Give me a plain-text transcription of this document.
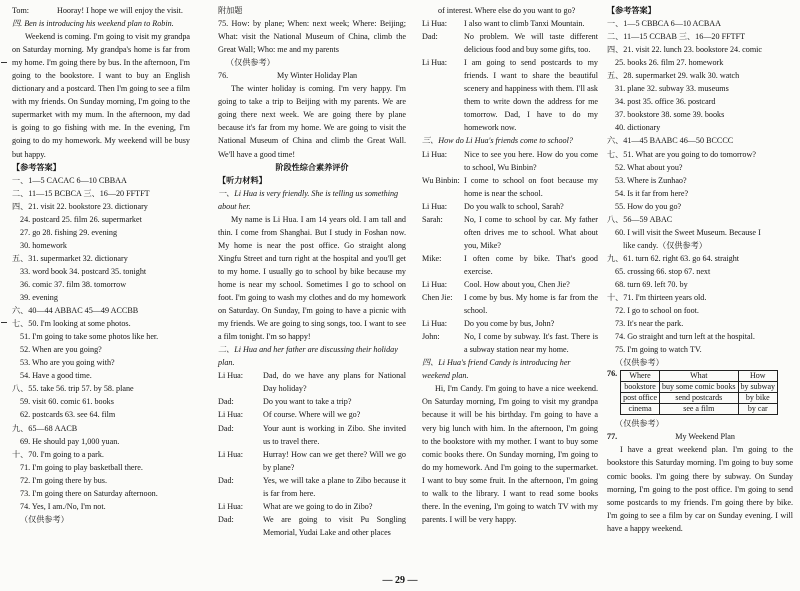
Tom:	Hooray! I hope we will enjoy the visit.

四. Ben is introducing his weekend plan to Robin.

Weekend is coming. I'm going to visit my grandpa on Saturday morning. My grandpa's home is far from my home. I'm going there by bus. In the afternoon, I'm going to the bookstore. I want to buy an English dictionary and a postcard. Then I'm going to see a film with my friends. On Sunday morning, I'm going to the supermarket with my mum. In the afternoon, my dad is going to go fishing with me. In the evening, I'm going to do my homework. My weekend will be busy but happy.

【参考答案】

一、1—5 CACAC 6—10 CBBAA

二、11—15 BCBCA 三、16—20 FFTFT

四、21. visit 22. bookstore 23. dictionary

24. postcard 25. film 26. supermarket

27. go 28. fishing 29. evening

30. homework

五、31. supermarket 32. dictionary

33. word book 34. postcard 35. tonight

36. comic 37. film 38. tomorrow

39. evening

六、40—44 ABBAC 45—49 ACCBB

七、50. I'm looking at some photos.

51. I'm going to take some photos like her.

52. When are you going?

53. Who are you going with?

54. Have a good time.

八、55. take 56. trip 57. by 58. plane

59. visit 60. comic 61. books

62. postcards 63. see 64. film

九、65—68 AACB

69. He should pay 1,000 yuan.

十、70. I'm going to a park.

71. I'm going to play basketball there.

72. I'm going there by bus.

73. I'm going there on Saturday afternoon.

74. Yes, I am./No, I'm not.

（仅供参考）

附加题

75. How: by plane; When: next week; Where: Beijing; What: visit the National Museum of China, climb the Great Wall; Who: me and my parents

（仅供参考）

76.	My Winter Holiday Plan

The winter holiday is coming. I'm very happy. I'm going to take a trip to Beijing with my parents. We are going there next week. We are going there by plane because it's far from my home. We are going to visit the National Museum of China and climb the Great Wall. We'll have a good time!

阶段性综合素养评价

【听力材料】

一、Li Hua is very friendly. She is telling us something about her.

My name is Li Hua. I am 14 years old. I am tall and thin. I come from Shanghai. But I study in Foshan now. My home is near the post office. Go straight along Xingfu Street and turn right at the hospital and you'll get to my home. I usually go to school by bike because my home is near my school. Sometimes I go to school on foot. I'm going to wash my clothes and do my homework on Saturday. On Sunday, I'm going to have a picnic with my friends. We are going to sing songs, too. I want to see a film tonight. I'm so happy!

二、Li Hua and her father are discussing their holiday plan.

Li Hua:	Dad, do we have any plans for National Day holiday?
Dad:	Do you want to take a trip?
Li Hua:	Of course. Where will we go?
Dad:	Your aunt is working in Zibo. She invited us to travel there.
Li Hua:	Hurray! How can we get there? Will we go by plane?
Dad:	Yes, we will take a plane to Zibo because it is far from here.
Li Hua:	What are we going to do in Zibo?
Dad:	We are going to visit Pu Songling Memorial, Yudai Lake and other places

of interest. Where else do you want to go?

Li Hua:	I also want to climb Tanxi Mountain.
Dad:	No problem. We will taste different delicious food and buy some gifts, too.
Li Hua:	I am going to send postcards to my friends. I want to share the beautiful scenery and happiness with them. I'll ask them to write down the address for me tomorrow. Dad, I have to do my homework now.

三、How do Li Hua's friends come to school?

Li Hua:	Nice to see you here. How do you come to school, Wu Binbin?
Wu Binbin: I come to school on foot because my home is near the school.
Li Hua:	Do you walk to school, Sarah?
Sarah:	No, I come to school by car. My father often drives me to school. What about you, Mike?
Mike:	I often come by bike. That's good exercise.
Li Hua:	Cool. How about you, Chen Jie?
Chen Jie:	I come by bus. My home is far from the school.
Li Hua:	Do you come by bus, John?
John:	No, I come by subway. It's fast. There is a subway station near my home.

四、Li Hua's friend Candy is introducing her weekend plan.

Hi, I'm Candy. I'm going to have a nice weekend. On Saturday morning, I'm going to visit my grandpa because it will be his birthday. I'm going to have a very big lunch with him. In the afternoon, I'm going to the bookstore with my mother. I want to buy some comic books there. On Sunday morning, I'm going to do my homework. And I'm going to the supermarket. I want to buy some fruit. In the afternoon, I'm going to walk to the library. I want to read some books there. In the evening, I'm going to watch TV with my parents. I will be very happy.

【参考答案】

一、1—5 CBBCA 6—10 ACBAA

二、11—15 CCBAB 三、16—20 FFTFT

四、21. visit 22. lunch 23. bookstore 24. comic

25. books 26. film 27. homework

五、28. supermarket 29. walk 30. watch

31. plane 32. subway 33. museums

34. post 35. office 36. postcard

37. bookstore 38. some 39. books

40. dictionary

六、41—45 BAABC 46—50 BCCCC

七、51. What are you going to do tomorrow?

52. What about you?

53. Where is Zunhao?

54. Is it far from here?

55. How do you go?

八、56—59 ABAC

60. I will visit the Sweet Museum. Because I

like candy.（仅供参考）

九、61. turn 62. right 63. go 64. straight

65. crossing 66. stop 67. next

68. turn 69. left 70. by

十、71. I'm thirteen years old.

72. I go to school on foot.

73. It's near the park.

74. Go straight and turn left at the hospital.

75. I'm going to watch TV.

（仅供参考）

76.	Where	What	How
bookstore	buy some comic books	by subway
post office	send postcards	by bike
cinema	see a film	by car

（仅供参考）

77.	My Weekend Plan

I have a great weekend plan. I'm going to the bookstore this Saturday morning. I'm going to buy some comic books. I'm going there by subway. On Sunday morning, I'm going to the post office. I'm going to send some postcards to my friends. I'm going there by bike. I'm going to see a film by car on Sunday evening. I will have a happy weekend.

— 29 —
